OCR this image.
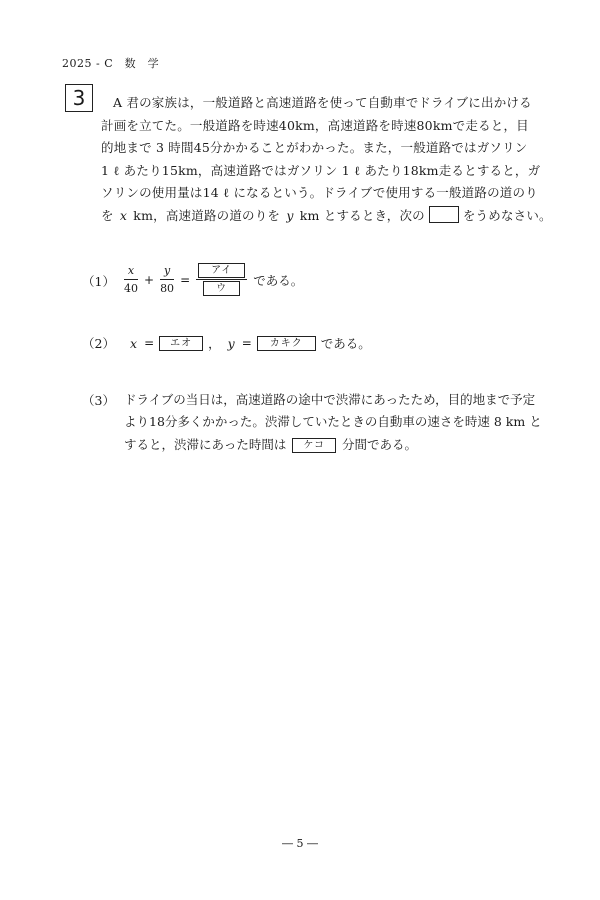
2025 - C　数　学
3	A 君の家族は，一般道路と高速道路を使って自動車でドライブに出かける
計画を立てた。一般道路を時速40km，高速道路を時速80kmで走ると，目
的地まで 3 時間45分かかることがわかった。また，一般道路ではガソリン
1 ℓ あたり15km，高速道路ではガソリン 1 ℓ あたり18km走るとすると，ガ
ソリンの使用量は14 ℓ になるという。ドライブで使用する一般道路の道のり
を x km，高速道路の道のりを y km とするとき，次の	をうめなさい。
$(1) \frac{x}{40} + \frac{y}{80} = \frac{\text{アイ}}{\text{ウ}}$ である。
（2） x =	エオ	， y =	カキク	である。
（3） ドライブの当日は，高速道路の途中で渋滞にあったため，目的地まで予定
より18分多くかかった。渋滞していたときの自動車の速さを時速 8 km と
すると，渋滞にあった時間は ケコ 分間である。
― 5 ―
